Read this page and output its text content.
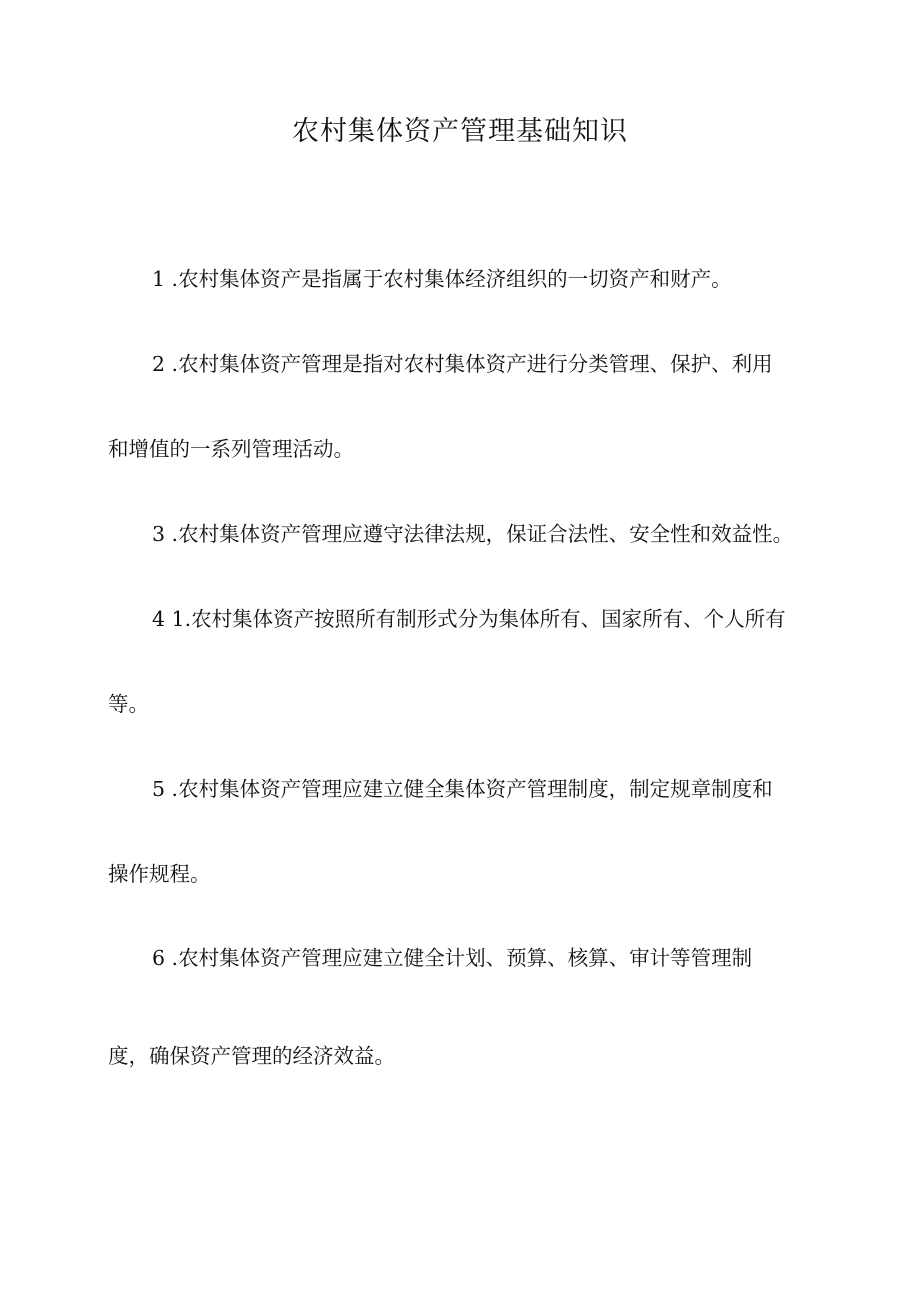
农村集体资产管理基础知识
1 .农村集体资产是指属于农村集体经济组织的一切资产和财产。
2 .农村集体资产管理是指对农村集体资产进行分类管理、保护、利用
和增值的一系列管理活动。
3 .农村集体资产管理应遵守法律法规，保证合法性、安全性和效益性。
4 1.农村集体资产按照所有制形式分为集体所有、国家所有、个人所有
等。
5 .农村集体资产管理应建立健全集体资产管理制度，制定规章制度和
操作规程。
6 .农村集体资产管理应建立健全计划、预算、核算、审计等管理制
度，确保资产管理的经济效益。
